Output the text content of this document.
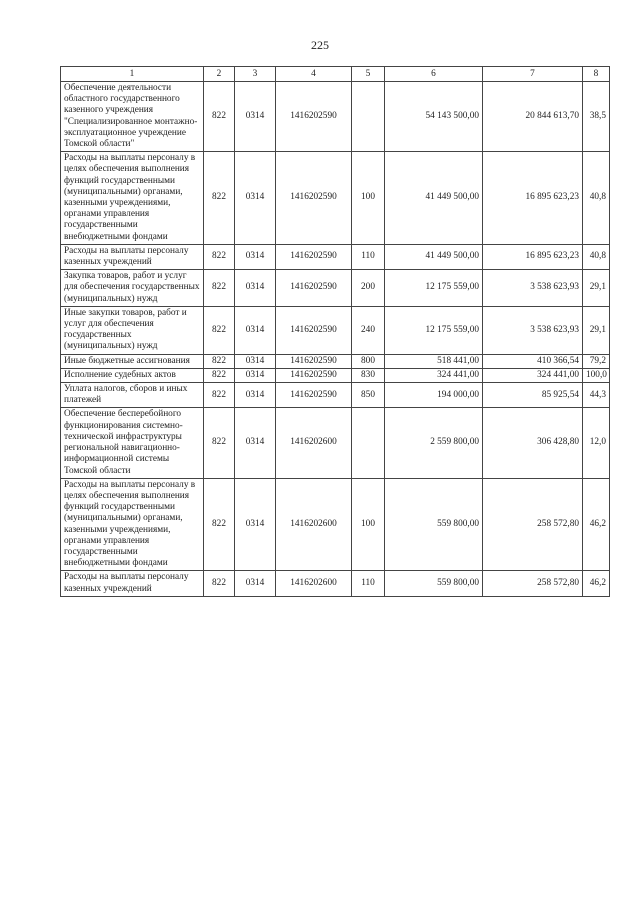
225
1	2	3	4	5	6	7	8
Обеспечение деятельности областного государственного казенного учреждения "Специализированное монтажно-эксплуатационное учреждение Томской области"	822	0314	1416202590		54 143 500,00	20 844 613,70	38,5
Расходы на выплаты персоналу в целях обеспечения выполнения функций государственными (муниципальными) органами, казенными учреждениями, органами управления государственными внебюджетными фондами	822	0314	1416202590	100	41 449 500,00	16 895 623,23	40,8
Расходы на выплаты персоналу казенных учреждений	822	0314	1416202590	110	41 449 500,00	16 895 623,23	40,8
Закупка товаров, работ и услуг для обеспечения государственных (муниципальных) нужд	822	0314	1416202590	200	12 175 559,00	3 538 623,93	29,1
Иные закупки товаров, работ и услуг для обеспечения государственных (муниципальных) нужд	822	0314	1416202590	240	12 175 559,00	3 538 623,93	29,1
Иные бюджетные ассигнования	822	0314	1416202590	800	518 441,00	410 366,54	79,2
Исполнение судебных актов	822	0314	1416202590	830	324 441,00	324 441,00	100,0
Уплата налогов, сборов и иных платежей	822	0314	1416202590	850	194 000,00	85 925,54	44,3
Обеспечение бесперебойного функционирования системно-технической инфраструктуры региональной навигационно-информационной системы Томской области	822	0314	1416202600		2 559 800,00	306 428,80	12,0
Расходы на выплаты персоналу в целях обеспечения выполнения функций государственными (муниципальными) органами, казенными учреждениями, органами управления государственными внебюджетными фондами	822	0314	1416202600	100	559 800,00	258 572,80	46,2
Расходы на выплаты персоналу казенных учреждений	822	0314	1416202600	110	559 800,00	258 572,80	46,2
